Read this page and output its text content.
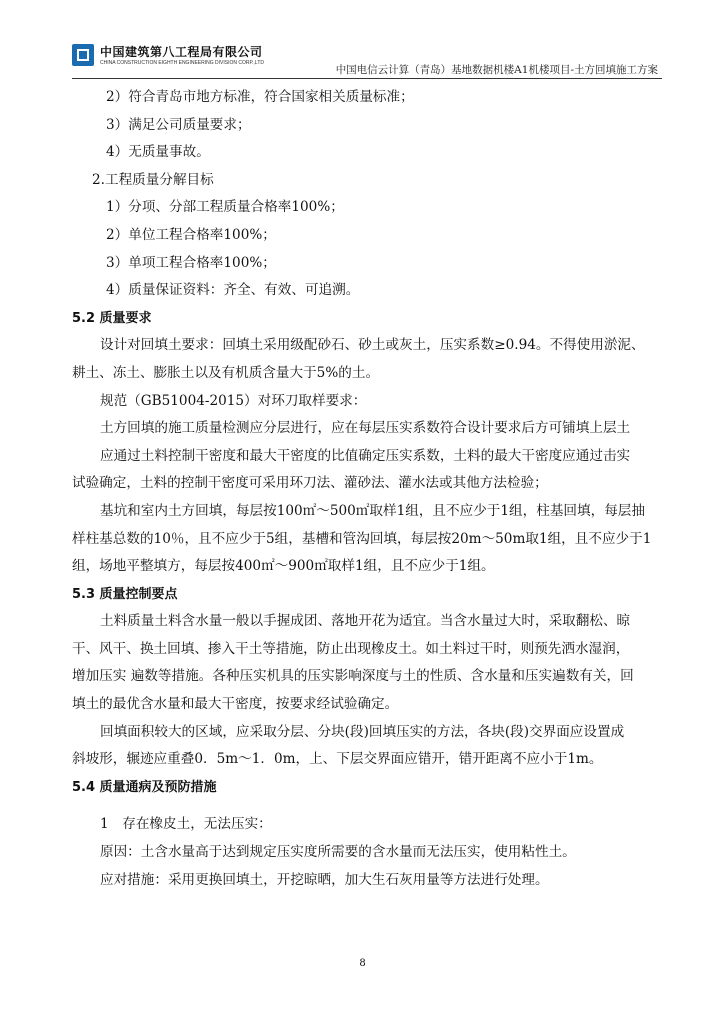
中国建筑第八工程局有限公司
CHINA CONSTRUCTION EIGHTH ENGINEERING DIVISION CORP.,LTD
中国电信云计算（青岛）基地数据机楼A1机楼项目-土方回填施工方案
2）符合青岛市地方标准，符合国家相关质量标准；
3）满足公司质量要求；
4）无质量事故。
2.工程质量分解目标
1）分项、分部工程质量合格率100%；
2）单位工程合格率100%；
3）单项工程合格率100%；
4）质量保证资料：齐全、有效、可追溯。
5.2 质量要求
设计对回填土要求：回填土采用级配砂石、砂土或灰土，压实系数≥0.94。不得使用淤泥、
耕土、冻土、膨胀土以及有机质含量大于5%的土。
规范（GB51004-2015）对环刀取样要求：
土方回填的施工质量检测应分层进行，应在每层压实系数符合设计要求后方可铺填上层土
应通过土料控制干密度和最大干密度的比值确定压实系数，土料的最大干密度应通过击实
试验确定，土料的控制干密度可采用环刀法、灌砂法、灌水法或其他方法检验；
基坑和室内土方回填，每层按100㎡～500㎡取样1组，且不应少于1组，柱基回填，每层抽
样柱基总数的10％，且不应少于5组，基槽和管沟回填，每层按20m～50m取1组，且不应少于1
组，场地平整填方，每层按400㎡～900㎡取样1组，且不应少于1组。
5.3 质量控制要点
土料质量土料含水量一般以手握成团、落地开花为适宜。当含水量过大时，采取翻松、晾
干、风干、换土回填、掺入干土等措施，防止出现橡皮土。如土料过干时，则预先洒水湿润，
增加压实 遍数等措施。各种压实机具的压实影响深度与土的性质、含水量和压实遍数有关，回
填土的最优含水量和最大干密度，按要求经试验确定。
回填面积较大的区域，应采取分层、分块(段)回填压实的方法，各块(段)交界面应设置成
斜坡形，辗迹应重叠0．5m～1．0m，上、下层交界面应错开，错开距离不应小于1m。
5.4 质量通病及预防措施
1　存在橡皮土，无法压实：
原因：土含水量高于达到规定压实度所需要的含水量而无法压实，使用粘性土。
应对措施：采用更换回填土，开挖晾晒，加大生石灰用量等方法进行处理。
8
